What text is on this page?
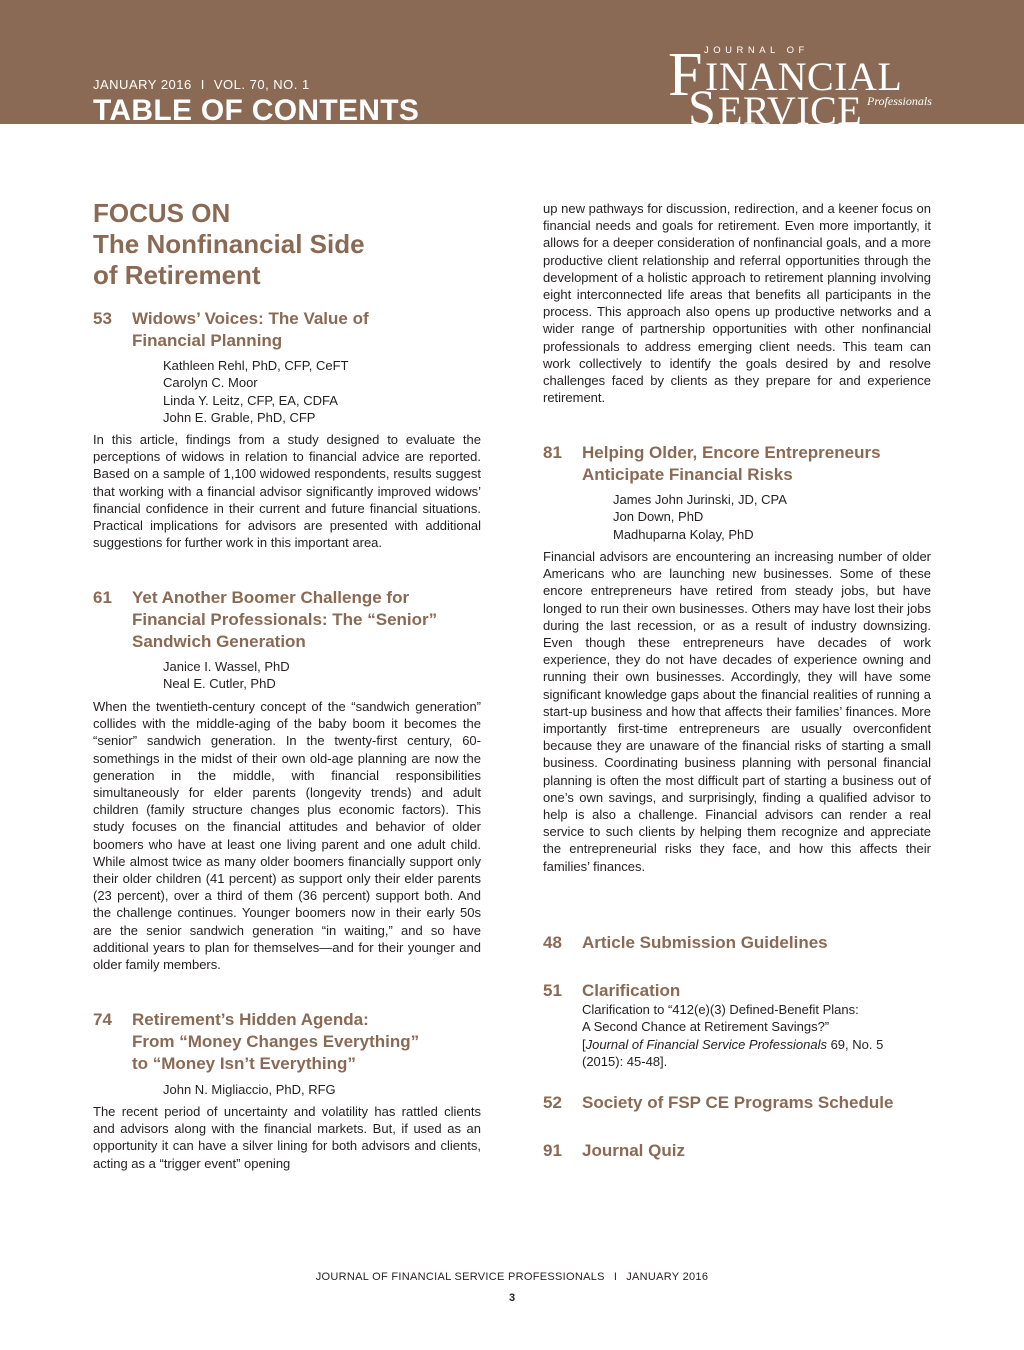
JANUARY 2016 I VOL. 70, NO. 1
TABLE OF CONTENTS
JOURNAL OF
F INANCIAL
S ERVICE Professionals
FOCUS ON
The Nonfinancial Side
of Retirement
53 Widows’ Voices: The Value of
Financial Planning
Kathleen Rehl, PhD, CFP, CeFT
Carolyn C. Moor
Linda Y. Leitz, CFP, EA, CDFA
John E. Grable, PhD, CFP
In this article, findings from a study designed to evaluate the perceptions of widows in relation to financial advice are reported. Based on a sample of 1,100 widowed respondents, results suggest that working with a financial advisor significantly improved widows’ financial confidence in their current and future financial situations. Practical implications for advisors are presented with additional suggestions for further work in this important area.
61 Yet Another Boomer Challenge for
Financial Professionals: The “Senior”
Sandwich Generation
Janice I. Wassel, PhD
Neal E. Cutler, PhD
When the twentieth-century concept of the “sandwich generation” collides with the middle-aging of the baby boom it becomes the “senior” sandwich generation. In the twenty-first century, 60-somethings in the midst of their own old-age planning are now the generation in the middle, with financial responsibilities simultaneously for elder parents (longevity trends) and adult children (family structure changes plus economic factors). This study focuses on the financial attitudes and behavior of older boomers who have at least one living parent and one adult child. While almost twice as many older boomers financially support only their older children (41 percent) as support only their elder parents (23 percent), over a third of them (36 percent) support both. And the challenge continues. Younger boomers now in their early 50s are the senior sandwich generation “in waiting,” and so have additional years to plan for themselves—and for their younger and older family members.
74 Retirement’s Hidden Agenda:
From “Money Changes Everything”
to “Money Isn’t Everything”
John N. Migliaccio, PhD, RFG
The recent period of uncertainty and volatility has rattled clients and advisors along with the financial markets. But, if used as an opportunity it can have a silver lining for both advisors and clients, acting as a “trigger event” opening
up new pathways for discussion, redirection, and a keener focus on financial needs and goals for retirement. Even more importantly, it allows for a deeper consideration of nonfinancial goals, and a more productive client relationship and referral opportunities through the development of a holistic approach to retirement planning involving eight interconnected life areas that benefits all participants in the process. This approach also opens up productive networks and a wider range of partnership opportunities with other nonfinancial professionals to address emerging client needs. This team can work collectively to identify the goals desired by and resolve challenges faced by clients as they prepare for and experience retirement.
81 Helping Older, Encore Entrepreneurs
Anticipate Financial Risks
James John Jurinski, JD, CPA
Jon Down, PhD
Madhuparna Kolay, PhD
Financial advisors are encountering an increasing number of older Americans who are launching new businesses. Some of these encore entrepreneurs have retired from steady jobs, but have longed to run their own businesses. Others may have lost their jobs during the last recession, or as a result of industry downsizing. Even though these entrepreneurs have decades of work experience, they do not have decades of experience owning and running their own businesses. Accordingly, they will have some significant knowledge gaps about the financial realities of running a start-up business and how that affects their families’ finances. More importantly first-time entrepreneurs are usually overconfident because they are unaware of the financial risks of starting a small business. Coordinating business planning with personal financial planning is often the most difficult part of starting a business out of one’s own savings, and surprisingly, finding a qualified advisor to help is also a challenge. Financial advisors can render a real service to such clients by helping them recognize and appreciate the entrepreneurial risks they face, and how this affects their families’ finances.
48 Article Submission Guidelines
51 Clarification
Clarification to “412(e)(3) Defined-Benefit Plans:
A Second Chance at Retirement Savings?”
[Journal of Financial Service Professionals 69, No. 5
(2015): 45-48].
52 Society of FSP CE Programs Schedule
91 Journal Quiz
JOURNAL OF FINANCIAL SERVICE PROFESSIONALS I JANUARY 2016
3
